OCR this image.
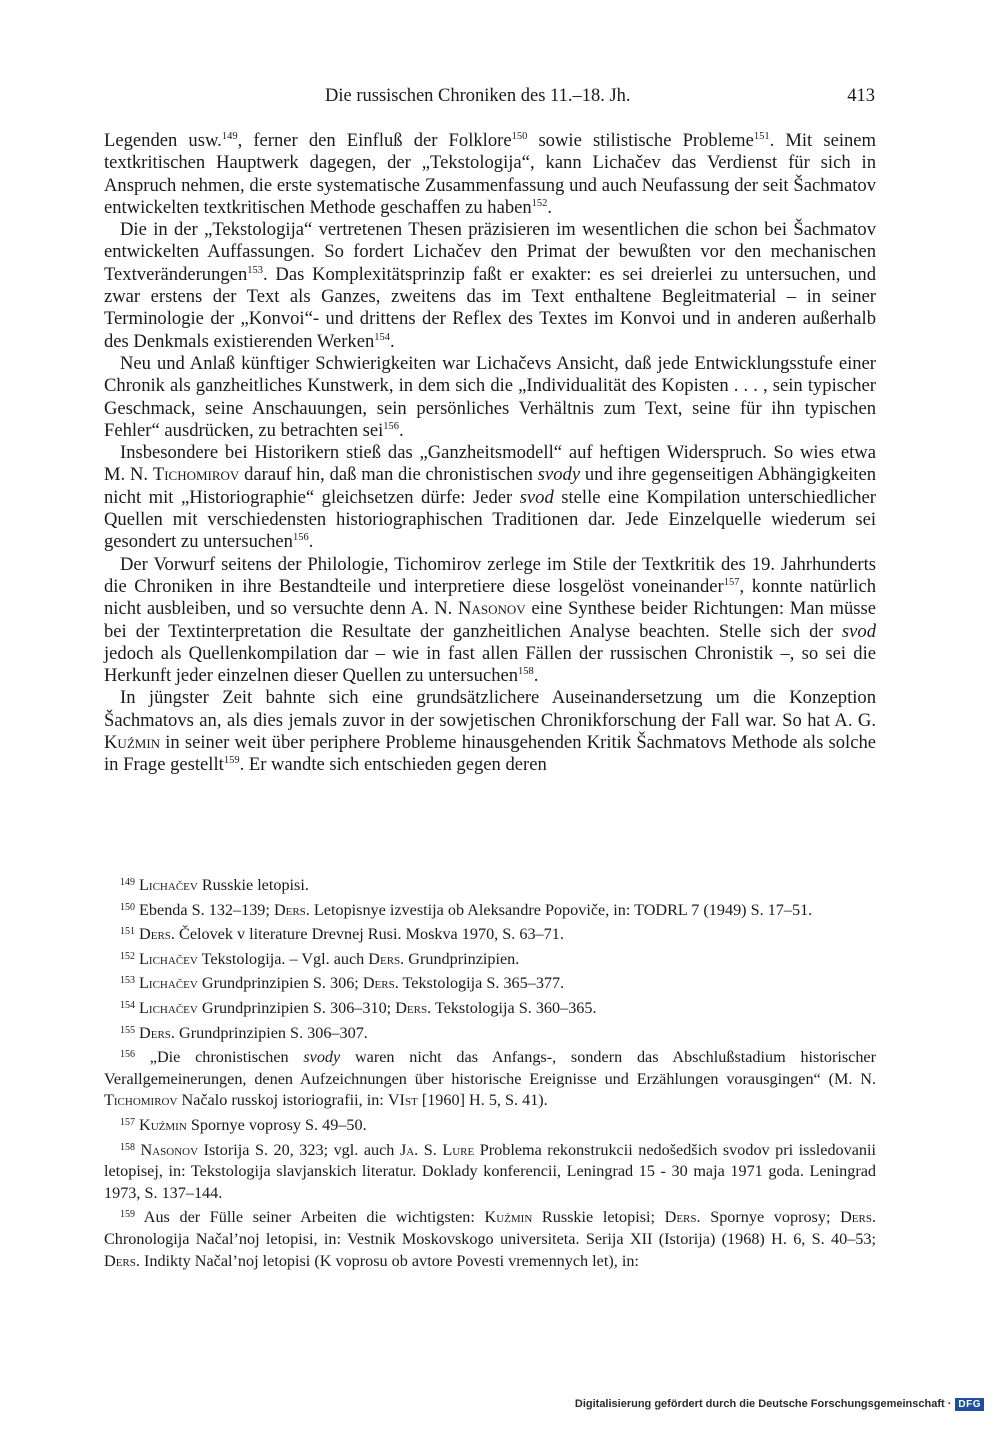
Die russischen Chroniken des 11.–18. Jh.	413

Legenden usw.$^{149}$, ferner den Einfluß der Folklore$^{150}$ sowie stilistische Probleme$^{151}$. Mit seinem textkritischen Hauptwerk dagegen, der „Tekstologija“, kann Lichačev das Verdienst für sich in Anspruch nehmen, die erste systematische Zusammenfassung und auch Neufassung der seit Šachmatov entwickelten textkritischen Methode geschaffen zu haben$^{152}$.

Die in der „Tekstologija“ vertretenen Thesen präzisieren im wesentlichen die schon bei Šachmatov entwickelten Auffassungen. So fordert Lichačev den Primat der bewußten vor den mechanischen Textveränderungen$^{153}$. Das Komplexitätsprinzip faßt er exakter: es sei dreierlei zu untersuchen, und zwar erstens der Text als Ganzes, zweitens das im Text enthaltene Begleitmaterial – in seiner Terminologie der „Konvoi“- und drittens der Reflex des Textes im Konvoi und in anderen außerhalb des Denkmals existierenden Werken$^{154}$.

Neu und Anlaß künftiger Schwierigkeiten war Lichačevs Ansicht, daß jede Entwicklungsstufe einer Chronik als ganzheitliches Kunstwerk, in dem sich die „Individualität des Kopisten . . . , sein typischer Geschmack, seine Anschauungen, sein persönliches Verhältnis zum Text, seine für ihn typischen Fehler“ ausdrücken, zu betrachten sei$^{156}$.

Insbesondere bei Historikern stieß das „Ganzheitsmodell“ auf heftigen Widerspruch. So wies etwa M. N. Tichomirov darauf hin, daß man die chronistischen svody und ihre gegenseitigen Abhängigkeiten nicht mit „Historiographie“ gleichsetzen dürfe: Jeder svod stelle eine Kompilation unterschiedlicher Quellen mit verschiedensten historiographischen Traditionen dar. Jede Einzelquelle wiederum sei gesondert zu untersuchen$^{156}$.

Der Vorwurf seitens der Philologie, Tichomirov zerlege im Stile der Textkritik des 19. Jahrhunderts die Chroniken in ihre Bestandteile und interpretiere diese losgelöst voneinander$^{157}$, konnte natürlich nicht ausbleiben, und so versuchte denn A. N. Nasonov eine Synthese beider Richtungen: Man müsse bei der Textinterpretation die Resultate der ganzheitlichen Analyse beachten. Stelle sich der svod jedoch als Quellenkompilation dar – wie in fast allen Fällen der russischen Chronistik –, so sei die Herkunft jeder einzelnen dieser Quellen zu untersuchen$^{158}$.

In jüngster Zeit bahnte sich eine grundsätzlichere Auseinandersetzung um die Konzeption Šachmatovs an, als dies jemals zuvor in der sowjetischen Chronikforschung der Fall war. So hat A. G. Kuźmin in seiner weit über periphere Probleme hinausgehenden Kritik Šachmatovs Methode als solche in Frage gestellt$^{159}$. Er wandte sich entschieden gegen deren

$^{149}$ Lichačev Russkie letopisi.

$^{150}$ Ebenda S. 132–139; Ders. Letopisnye izvestija ob Aleksandre Popoviče, in: TODRL 7 (1949) S. 17–51.

$^{151}$ Ders. Čelovek v literature Drevnej Rusi. Moskva 1970, S. 63–71.

$^{152}$ Lichačev Tekstologija. – Vgl. auch Ders. Grundprinzipien.

$^{153}$ Lichačev Grundprinzipien S. 306; Ders. Tekstologija S. 365–377.

$^{154}$ Lichačev Grundprinzipien S. 306–310; Ders. Tekstologija S. 360–365.

$^{155}$ Ders. Grundprinzipien S. 306–307.

$^{156}$ „Die chronistischen svody waren nicht das Anfangs-, sondern das Abschlußstadium historischer Verallgemeinerungen, denen Aufzeichnungen über historische Ereignisse und Erzählungen vorausgingen“ (M. N. Tichomirov Načalo russkoj istoriografii, in: VIst [1960] H. 5, S. 41).

$^{157}$ Kuźmin Spornye voprosy S. 49–50.

$^{158}$ Nasonov Istorija S. 20, 323; vgl. auch Ja. S. Lure Problema rekonstrukcii nedošedšich svodov pri issledovanii letopisej, in: Tekstologija slavjanskich literatur. Doklady konferencii, Leningrad 15 - 30 maja 1971 goda. Leningrad 1973, S. 137–144.

$^{159}$ Aus der Fülle seiner Arbeiten die wichtigsten: Kuźmin Russkie letopisi; Ders. Spornye voprosy; Ders. Chronologija Načal’noj letopisi, in: Vestnik Moskovskogo universiteta. Serija XII (Istorija) (1968) H. 6, S. 40–53; Ders. Indikty Načal’noj letopisi (K voprosu ob avtore Povesti vremennych let), in:

Digitalisierung gefördert durch die Deutsche Forschungsgemeinschaft · DFG
